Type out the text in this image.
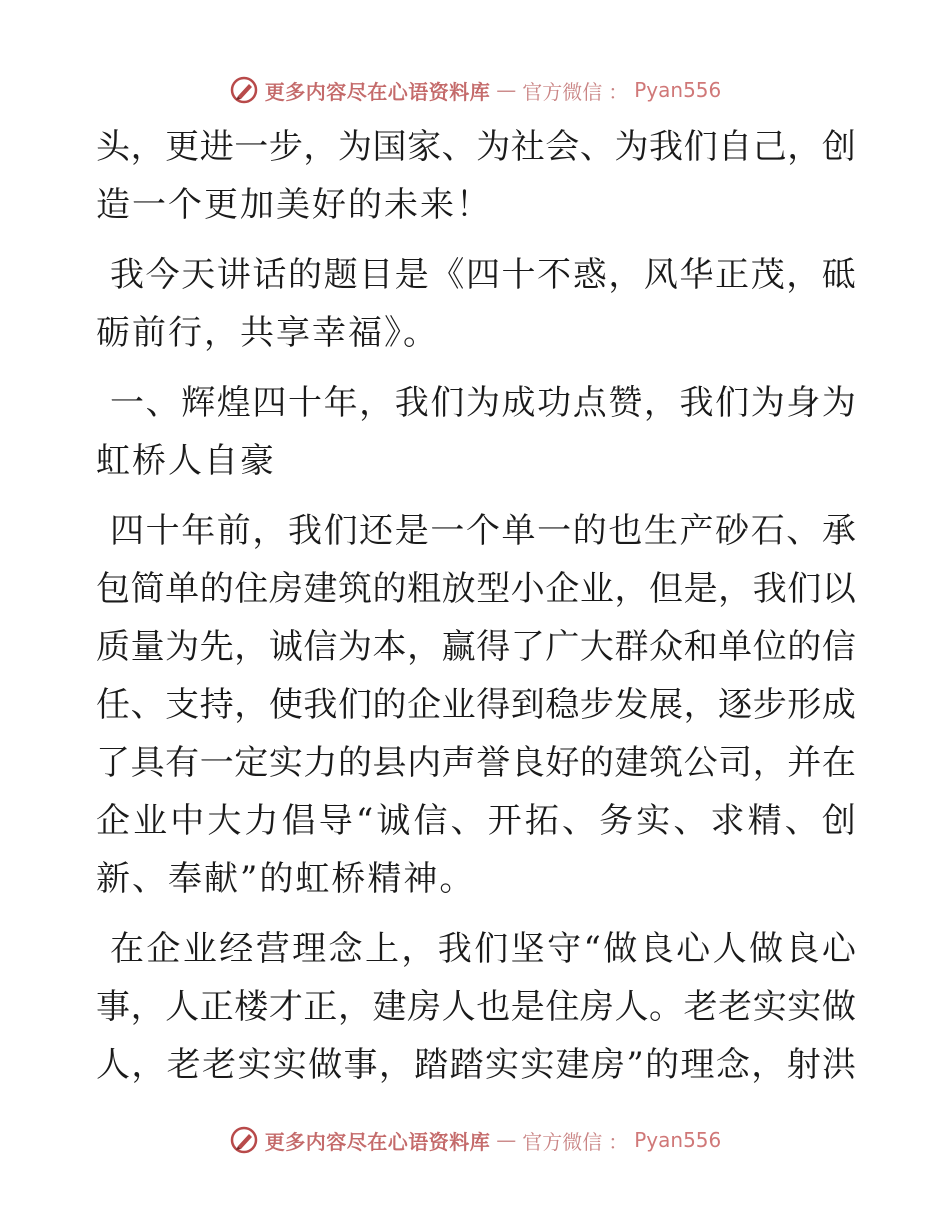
更多内容尽在心语资料库 — 官方微信 ： Pyan556
头 ， 更 进 一 步 ， 为 国 家 、 为 社 会 、 为 我 们 自 己 ， 创
造一个更加美好的未来！
我 今 天 讲 话 的 题 目 是 《 四 十 不 惑 ， 风 华 正 茂 ， 砥
砺前行，共享幸福》。
一 、 辉 煌 四 十 年 ， 我 们 为 成 功 点 赞 ， 我 们 为 身 为
虹桥人自豪
四 十 年 前 ， 我 们 还 是 一 个 单 一 的 也 生 产 砂 石 、 承
包 简 单 的 住 房 建 筑 的 粗 放 型 小 企 业 ， 但 是 ， 我 们 以
质 量 为 先 ， 诚 信 为 本 ， 赢 得 了 广 大 群 众 和 单 位 的 信
任 、 支 持 ， 使 我 们 的 企 业 得 到 稳 步 发 展 ， 逐 步 形 成
了 具 有 一 定 实 力 的 县 内 声 誉 良 好 的 建 筑 公 司 ， 并 在
企 业 中 大 力 倡 导 “ 诚 信 、 开 拓 、 务 实 、 求 精 、 创
新、奉献”的虹桥精神。
在 企 业 经 营 理 念 上 ， 我 们 坚 守 “ 做 良 心 人 做 良 心
事 ， 人 正 楼 才 正 ， 建 房 人 也 是 住 房 人 。 老 老 实 实 做
人 ， 老 老 实 实 做 事 ， 踏 踏 实 实 建 房 ” 的 理 念 ， 射 洪
更多内容尽在心语资料库 — 官方微信 ： Pyan556
